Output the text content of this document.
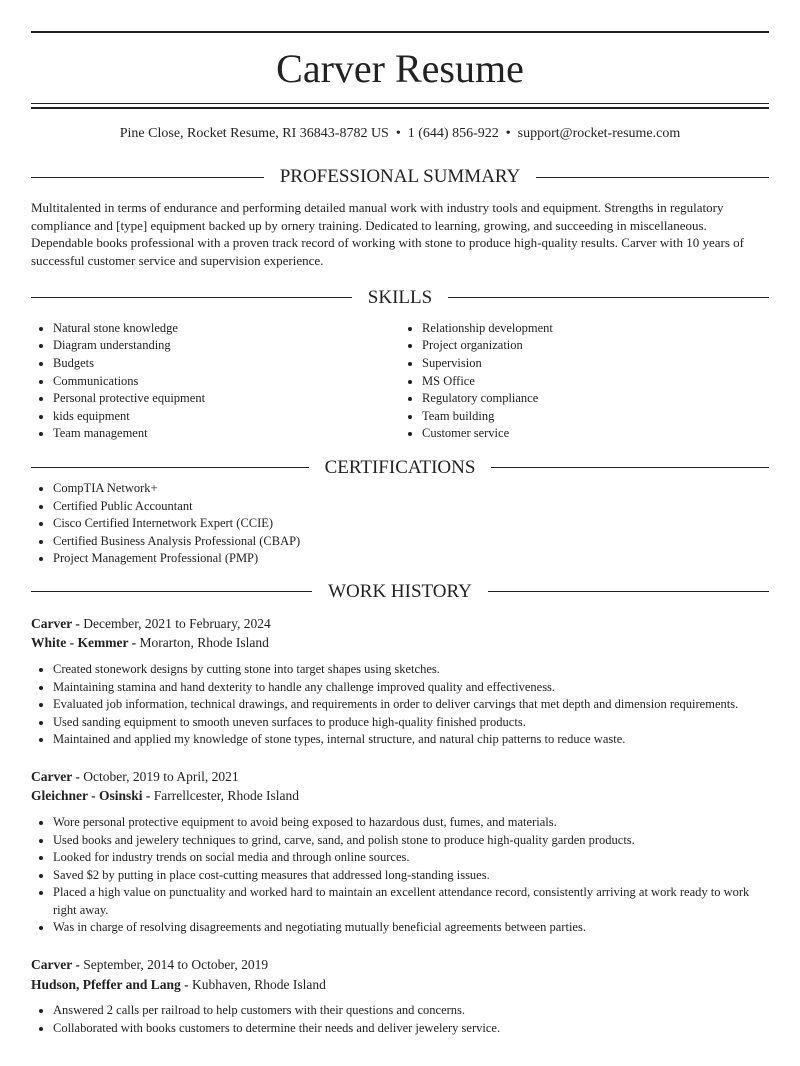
Carver Resume
Pine Close, Rocket Resume, RI 36843-8782 US • 1 (644) 856-922 • support@rocket-resume.com
PROFESSIONAL SUMMARY

Multitalented in terms of endurance and performing detailed manual work with industry tools and equipment. Strengths in regulatory compliance and [type] equipment backed up by ornery training. Dedicated to learning, growing, and succeeding in miscellaneous. Dependable books professional with a proven track record of working with stone to produce high-quality results. Carver with 10 years of successful customer service and supervision experience.

SKILLS
• Natural stone knowledge
• Diagram understanding
• Budgets
• Communications
• Personal protective equipment
• kids equipment
• Team management
• Relationship development
• Project organization
• Supervision
• MS Office
• Regulatory compliance
• Team building
• Customer service
CERTIFICATIONS
• CompTIA Network+
• Certified Public Accountant
• Cisco Certified Internetwork Expert (CCIE)
• Certified Business Analysis Professional (CBAP)
• Project Management Professional (PMP)
WORK HISTORY
Carver - December, 2021 to February, 2024
White - Kemmer - Morarton, Rhode Island
• Created stonework designs by cutting stone into target shapes using sketches.
• Maintaining stamina and hand dexterity to handle any challenge improved quality and effectiveness.
• Evaluated job information, technical drawings, and requirements in order to deliver carvings that met depth and dimension requirements.
• Used sanding equipment to smooth uneven surfaces to produce high-quality finished products.
• Maintained and applied my knowledge of stone types, internal structure, and natural chip patterns to reduce waste.
Carver - October, 2019 to April, 2021
Gleichner - Osinski - Farrellcester, Rhode Island
• Wore personal protective equipment to avoid being exposed to hazardous dust, fumes, and materials.
• Used books and jewelery techniques to grind, carve, sand, and polish stone to produce high-quality garden products.
• Looked for industry trends on social media and through online sources.
• Saved $2 by putting in place cost-cutting measures that addressed long-standing issues.
• Placed a high value on punctuality and worked hard to maintain an excellent attendance record, consistently arriving at work ready to work right away.
• Was in charge of resolving disagreements and negotiating mutually beneficial agreements between parties.
Carver - September, 2014 to October, 2019
Hudson, Pfeffer and Lang - Kubhaven, Rhode Island
• Answered 2 calls per railroad to help customers with their questions and concerns.
• Collaborated with books customers to determine their needs and deliver jewelery service.
